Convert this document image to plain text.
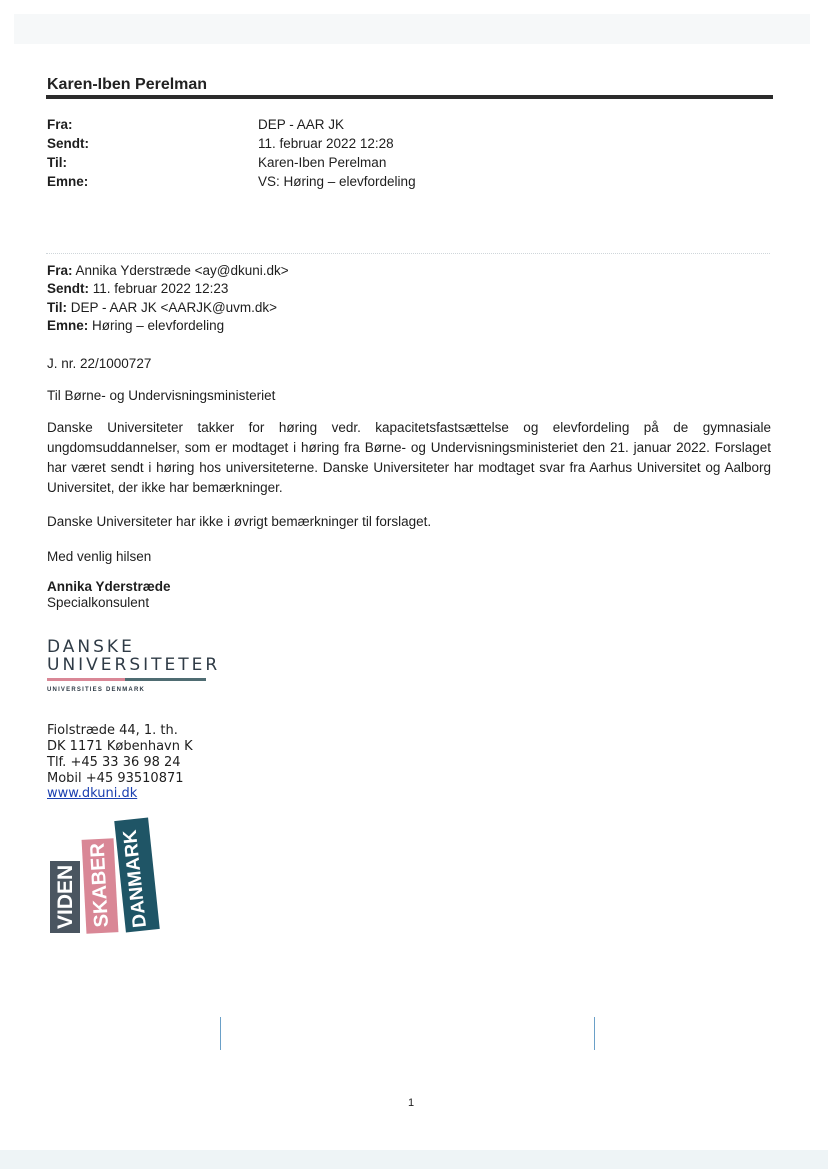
Karen-Iben Perelman
Fra:	DEP - AAR JK
Sendt:	11. februar 2022 12:28
Til:	Karen-Iben Perelman
Emne:	VS: Høring – elevfordeling
Fra: Annika Yderstræde <ay@dkuni.dk>
Sendt: 11. februar 2022 12:23
Til: DEP - AAR JK <AARJK@uvm.dk>
Emne: Høring – elevfordeling
J. nr. 22/1000727
Til Børne- og Undervisningsministeriet
Danske Universiteter takker for høring vedr. kapacitetsfastsættelse og elevfordeling på de gymnasiale ungdomsuddannelser, som er modtaget i høring fra Børne- og Undervisningsministeriet den 21. januar 2022. Forslaget har været sendt i høring hos universiteterne. Danske Universiteter har modtaget svar fra Aarhus Universitet og Aalborg Universitet, der ikke har bemærkninger.
Danske Universiteter har ikke i øvrigt bemærkninger til forslaget.
Med venlig hilsen
Annika Yderstræde
Specialkonsulent
DANSKE
UNIVERSITETER
UNIVERSITIES DENMARK
Fiolstræde 44, 1. th.
DK 1171 København K
Tlf. +45 33 36 98 24
Mobil +45 93510871
www.dkuni.dk
VIDEN SKABER DANMARK
1
